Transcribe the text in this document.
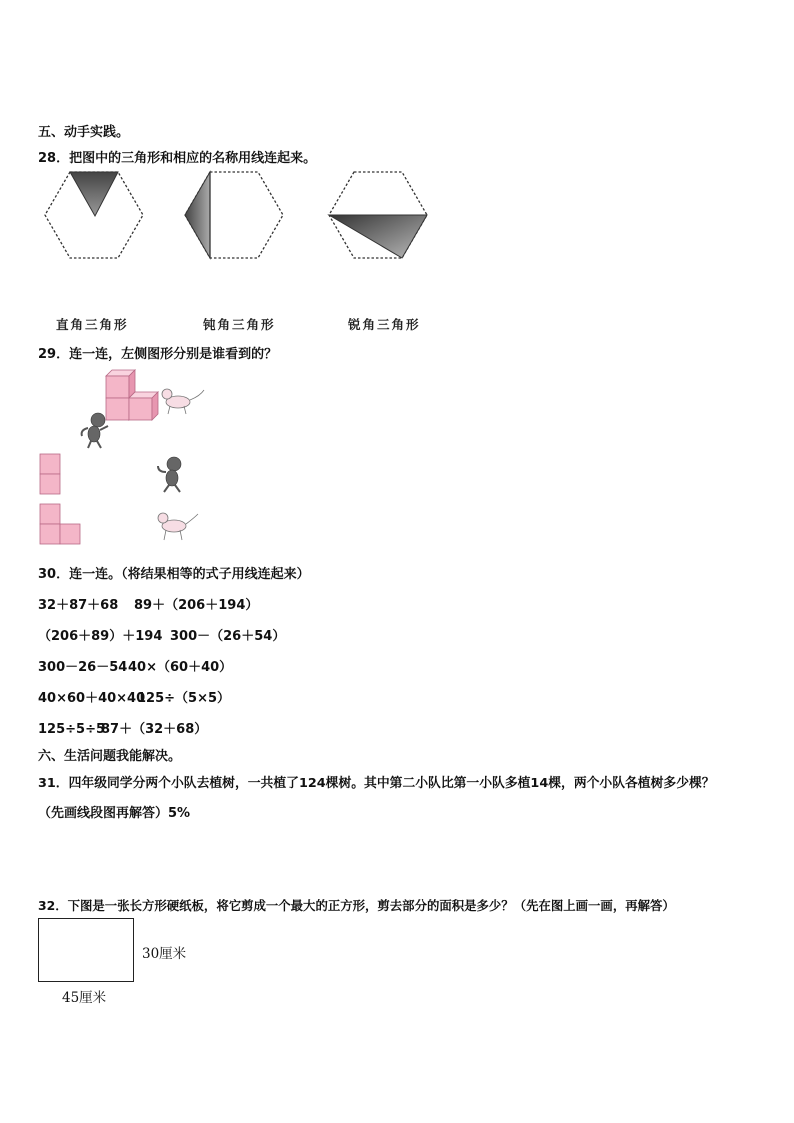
五、动手实践。
28．把图中的三角形和相应的名称用线连起来。
直角三角形	钝角三角形	锐角三角形
29．连一连，左侧图形分别是谁看到的？
30．连一连。（将结果相等的式子用线连起来）
32＋87＋68 89＋（206＋194）
（206＋89）＋194 300－（26＋54）
300－26－5440×（60＋40）
40×60＋40×40125÷（5×5）
125÷5÷587＋（32＋68）
六、生活问题我能解决。
31．四年级同学分两个小队去植树，一共植了124棵树。其中第二小队比第一小队多植14棵，两个小队各植树多少棵？
（先画线段图再解答）5%
32．下图是一张长方形硬纸板，将它剪成一个最大的正方形，剪去部分的面积是多少？（先在图上画一画，再解答）
30厘米
45厘米
